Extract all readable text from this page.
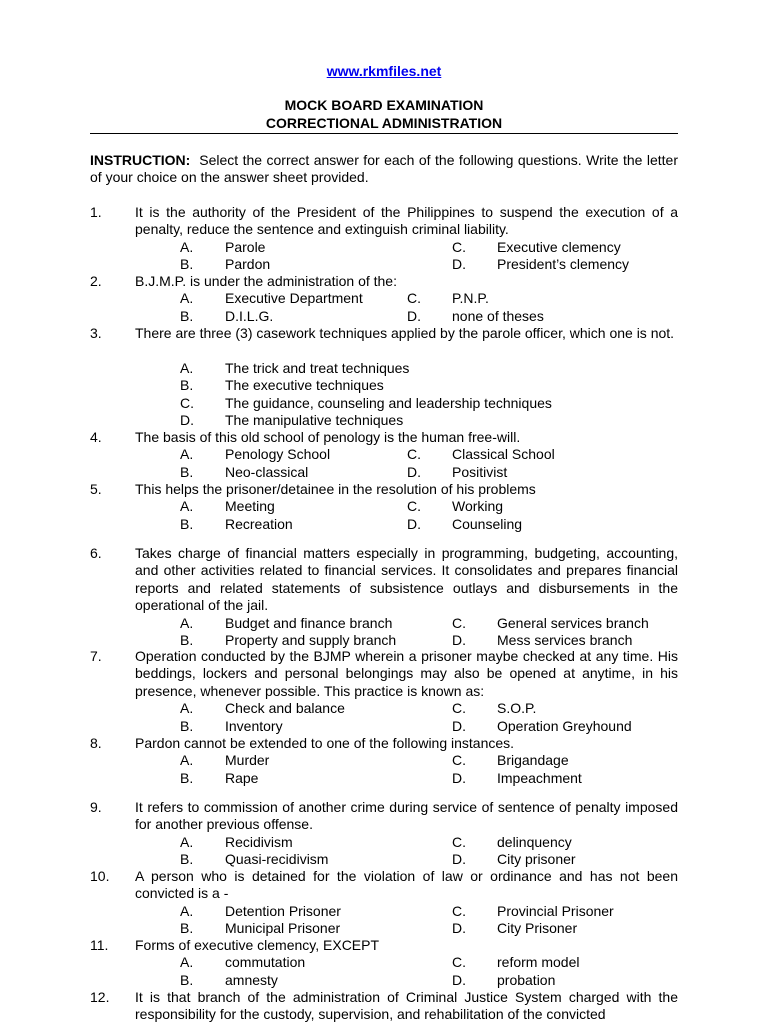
www.rkmfiles.net
MOCK BOARD EXAMINATION
CORRECTIONAL ADMINISTRATION
INSTRUCTION: Select the correct answer for each of the following questions. Write the letter of your choice on the answer sheet provided.
1. It is the authority of the President of the Philippines to suspend the execution of a penalty, reduce the sentence and extinguish criminal liability.
A. Parole
B. Pardon
C. Executive clemency
D. President’s clemency
2. B.J.M.P. is under the administration of the:
A. Executive Department
B. D.I.L.G.
C. P.N.P.
D. none of theses
3. There are three (3) casework techniques applied by the parole officer, which one is not.
A. The trick and treat techniques
B. The executive techniques
C. The guidance, counseling and leadership techniques
D. The manipulative techniques
4. The basis of this old school of penology is the human free-will.
A. Penology School
B. Neo-classical
C. Classical School
D. Positivist
5. This helps the prisoner/detainee in the resolution of his problems
A. Meeting
B. Recreation
C. Working
D. Counseling
6. Takes charge of financial matters especially in programming, budgeting, accounting, and other activities related to financial services. It consolidates and prepares financial reports and related statements of subsistence outlays and disbursements in the operational of the jail.
A. Budget and finance branch
B. Property and supply branch
C. General services branch
D. Mess services branch
7. Operation conducted by the BJMP wherein a prisoner maybe checked at any time. His beddings, lockers and personal belongings may also be opened at anytime, in his presence, whenever possible. This practice is known as:
A. Check and balance
B. Inventory
C. S.O.P.
D. Operation Greyhound
8. Pardon cannot be extended to one of the following instances.
A. Murder
B. Rape
C. Brigandage
D. Impeachment
9. It refers to commission of another crime during service of sentence of penalty imposed for another previous offense.
A. Recidivism
B. Quasi-recidivism
C. delinquency
D. City prisoner
10. A person who is detained for the violation of law or ordinance and has not been convicted is a -
A. Detention Prisoner
B. Municipal Prisoner
C. Provincial Prisoner
D. City Prisoner
11. Forms of executive clemency, EXCEPT
A. commutation
B. amnesty
C. reform model
D. probation
12. It is that branch of the administration of Criminal Justice System charged with the responsibility for the custody, supervision, and rehabilitation of the convicted
